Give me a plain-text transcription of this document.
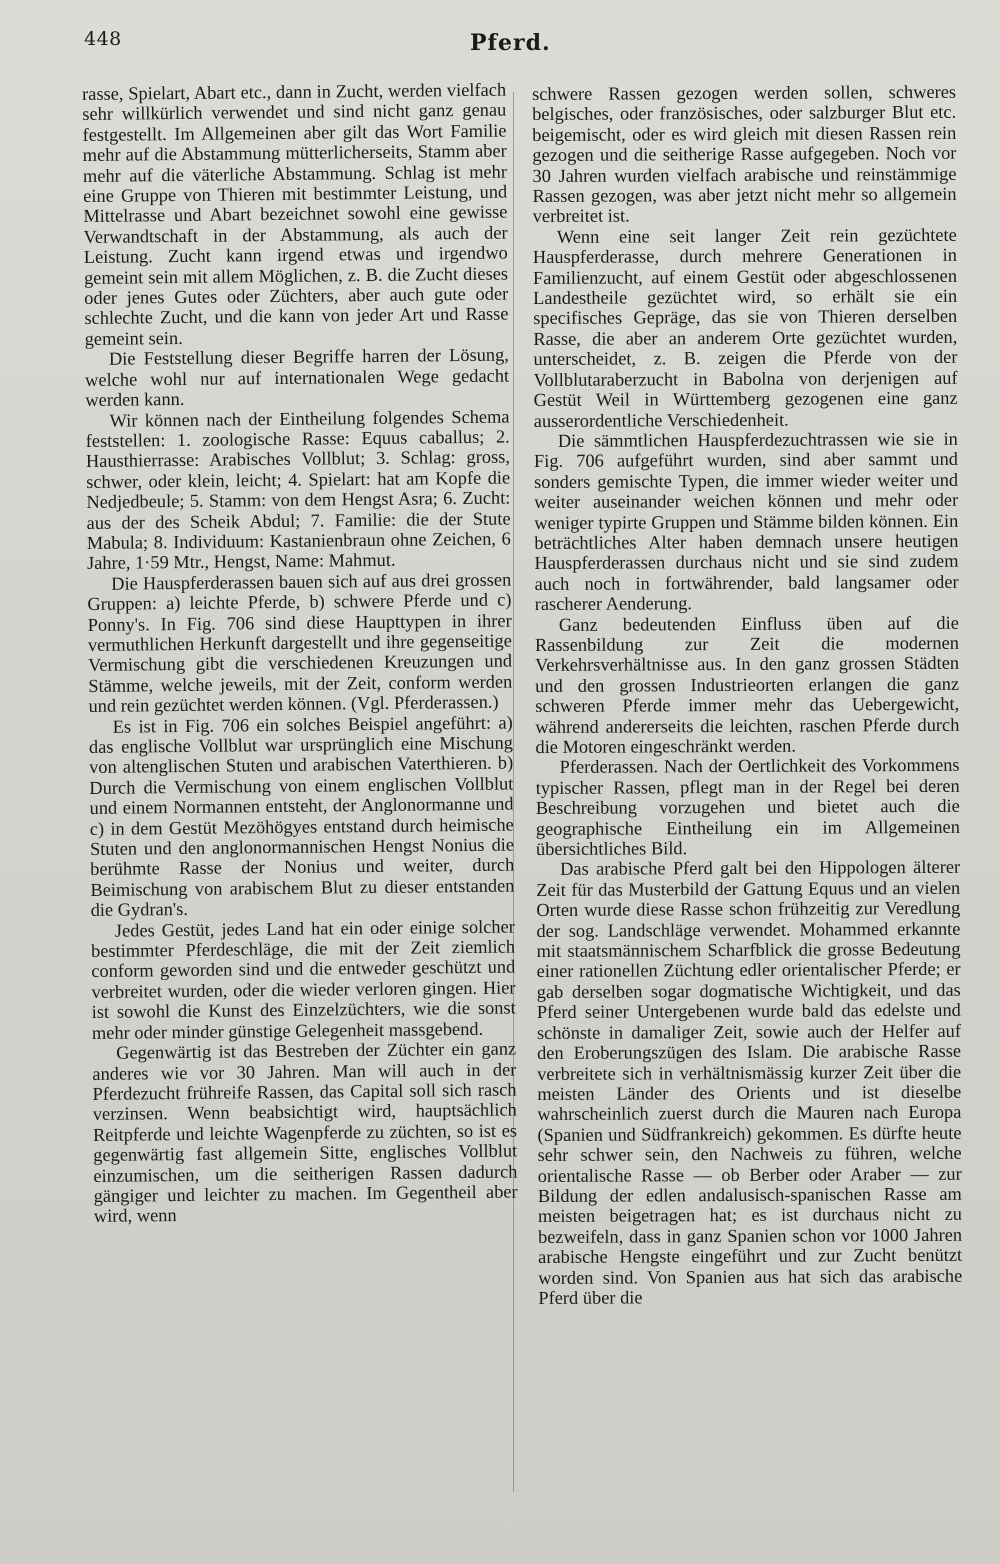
448	Pferd.

rasse, Spielart, Abart etc., dann in Zucht, werden vielfach sehr willkürlich verwendet und sind nicht ganz genau festgestellt. Im Allgemeinen aber gilt das Wort Familie mehr auf die Abstammung mütterlicherseits, Stamm aber mehr auf die väterliche Abstammung. Schlag ist mehr eine Gruppe von Thieren mit bestimmter Leistung, und Mittelrasse und Abart bezeichnet sowohl eine gewisse Verwandtschaft in der Abstammung, als auch der Leistung. Zucht kann irgend etwas und irgendwo gemeint sein mit allem Möglichen, z. B. die Zucht dieses oder jenes Gutes oder Züchters, aber auch gute oder schlechte Zucht, und die kann von jeder Art und Rasse gemeint sein.

Die Feststellung dieser Begriffe harren der Lösung, welche wohl nur auf internationalen Wege gedacht werden kann.

Wir können nach der Eintheilung folgendes Schema feststellen: 1. zoologische Rasse: Equus caballus; 2. Hausthierrasse: Arabisches Vollblut; 3. Schlag: gross, schwer, oder klein, leicht; 4. Spielart: hat am Kopfe die Nedjedbeule; 5. Stamm: von dem Hengst Asra; 6. Zucht: aus der des Scheik Abdul; 7. Familie: die der Stute Mabula; 8. Individuum: Kastanienbraun ohne Zeichen, 6 Jahre, 1·59 Mtr., Hengst, Name: Mahmut.

Die Hauspferderassen bauen sich auf aus drei grossen Gruppen: a) leichte Pferde, b) schwere Pferde und c) Ponny's. In Fig. 706 sind diese Haupttypen in ihrer vermuthlichen Herkunft dargestellt und ihre gegenseitige Vermischung gibt die verschiedenen Kreuzungen und Stämme, welche jeweils, mit der Zeit, conform werden und rein gezüchtet werden können. (Vgl. Pferderassen.)

Es ist in Fig. 706 ein solches Beispiel angeführt: a) das englische Vollblut war ursprünglich eine Mischung von altenglischen Stuten und arabischen Vaterthieren. b) Durch die Vermischung von einem englischen Vollblut und einem Normannen entsteht, der Anglonormanne und c) in dem Gestüt Mezöhögyes entstand durch heimische Stuten und den anglonormannischen Hengst Nonius die berühmte Rasse der Nonius und weiter, durch Beimischung von arabischem Blut zu dieser entstanden die Gydran's.

Jedes Gestüt, jedes Land hat ein oder einige solcher bestimmter Pferdeschläge, die mit der Zeit ziemlich conform geworden sind und die entweder geschützt und verbreitet wurden, oder die wieder verloren gingen. Hier ist sowohl die Kunst des Einzelzüchters, wie die sonst mehr oder minder günstige Gelegenheit massgebend.

Gegenwärtig ist das Bestreben der Züchter ein ganz anderes wie vor 30 Jahren. Man will auch in der Pferdezucht frühreife Rassen, das Capital soll sich rasch verzinsen. Wenn beabsichtigt wird, hauptsächlich Reitpferde und leichte Wagenpferde zu züchten, so ist es gegenwärtig fast allgemein Sitte, englisches Vollblut einzumischen, um die seitherigen Rassen dadurch gängiger und leichter zu machen. Im Gegentheil aber wird, wenn

schwere Rassen gezogen werden sollen, schweres belgisches, oder französisches, oder salzburger Blut etc. beigemischt, oder es wird gleich mit diesen Rassen rein gezogen und die seitherige Rasse aufgegeben. Noch vor 30 Jahren wurden vielfach arabische und reinstämmige Rassen gezogen, was aber jetzt nicht mehr so allgemein verbreitet ist.

Wenn eine seit langer Zeit rein gezüchtete Hauspferderasse, durch mehrere Generationen in Familienzucht, auf einem Gestüt oder abgeschlossenen Landestheile gezüchtet wird, so erhält sie ein specifisches Gepräge, das sie von Thieren derselben Rasse, die aber an anderem Orte gezüchtet wurden, unterscheidet, z. B. zeigen die Pferde von der Vollblutaraberzucht in Babolna von derjenigen auf Gestüt Weil in Württemberg gezogenen eine ganz ausserordentliche Verschiedenheit.

Die sämmtlichen Hauspferdezuchtrassen wie sie in Fig. 706 aufgeführt wurden, sind aber sammt und sonders gemischte Typen, die immer wieder weiter und weiter auseinander weichen können und mehr oder weniger typirte Gruppen und Stämme bilden können. Ein beträchtliches Alter haben demnach unsere heutigen Hauspferderassen durchaus nicht und sie sind zudem auch noch in fortwährender, bald langsamer oder rascherer Aenderung.

Ganz bedeutenden Einfluss üben auf die Rassenbildung zur Zeit die modernen Verkehrsverhältnisse aus. In den ganz grossen Städten und den grossen Industrieorten erlangen die ganz schweren Pferde immer mehr das Uebergewicht, während andererseits die leichten, raschen Pferde durch die Motoren eingeschränkt werden.

Pferderassen. Nach der Oertlichkeit des Vorkommens typischer Rassen, pflegt man in der Regel bei deren Beschreibung vorzugehen und bietet auch die geographische Eintheilung ein im Allgemeinen übersichtliches Bild.

Das arabische Pferd galt bei den Hippologen älterer Zeit für das Musterbild der Gattung Equus und an vielen Orten wurde diese Rasse schon frühzeitig zur Veredlung der sog. Landschläge verwendet. Mohammed erkannte mit staatsmännischem Scharfblick die grosse Bedeutung einer rationellen Züchtung edler orientalischer Pferde; er gab derselben sogar dogmatische Wichtigkeit, und das Pferd seiner Untergebenen wurde bald das edelste und schönste in damaliger Zeit, sowie auch der Helfer auf den Eroberungszügen des Islam. Die arabische Rasse verbreitete sich in verhältnismässig kurzer Zeit über die meisten Länder des Orients und ist dieselbe wahrscheinlich zuerst durch die Mauren nach Europa (Spanien und Südfrankreich) gekommen. Es dürfte heute sehr schwer sein, den Nachweis zu führen, welche orientalische Rasse — ob Berber oder Araber — zur Bildung der edlen andalusisch-spanischen Rasse am meisten beigetragen hat; es ist durchaus nicht zu bezweifeln, dass in ganz Spanien schon vor 1000 Jahren arabische Hengste eingeführt und zur Zucht benützt worden sind. Von Spanien aus hat sich das arabische Pferd über die
